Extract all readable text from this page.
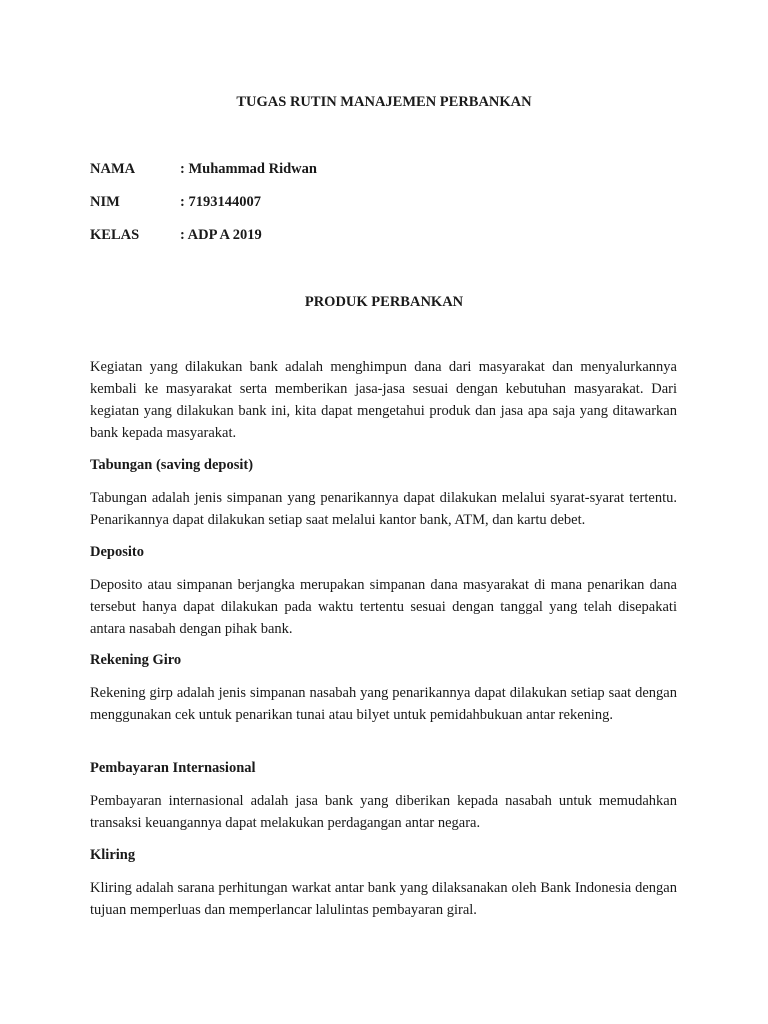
TUGAS RUTIN MANAJEMEN PERBANKAN
NAMA	: Muhammad Ridwan
NIM	: 7193144007
KELAS	: ADP A 2019
PRODUK PERBANKAN

Kegiatan yang dilakukan bank adalah menghimpun dana dari masyarakat dan menyalurkannya kembali ke masyarakat serta memberikan jasa-jasa sesuai dengan kebutuhan masyarakat. Dari kegiatan yang dilakukan bank ini, kita dapat mengetahui produk dan jasa apa saja yang ditawarkan bank kepada masyarakat.

Tabungan (saving deposit)

Tabungan adalah jenis simpanan yang penarikannya dapat dilakukan melalui syarat-syarat tertentu. Penarikannya dapat dilakukan setiap saat melalui kantor bank, ATM, dan kartu debet.

Deposito

Deposito atau simpanan berjangka merupakan simpanan dana masyarakat di mana penarikan dana tersebut hanya dapat dilakukan pada waktu tertentu sesuai dengan tanggal yang telah disepakati antara nasabah dengan pihak bank.

Rekening Giro

Rekening girp adalah jenis simpanan nasabah yang penarikannya dapat dilakukan setiap saat dengan menggunakan cek untuk penarikan tunai atau bilyet untuk pemidahbukuan antar rekening.

Pembayaran Internasional

Pembayaran internasional adalah jasa bank yang diberikan kepada nasabah untuk memudahkan transaksi keuangannya dapat melakukan perdagangan antar negara.

Kliring

Kliring adalah sarana perhitungan warkat antar bank yang dilaksanakan oleh Bank Indonesia dengan tujuan memperluas dan memperlancar lalulintas pembayaran giral.
